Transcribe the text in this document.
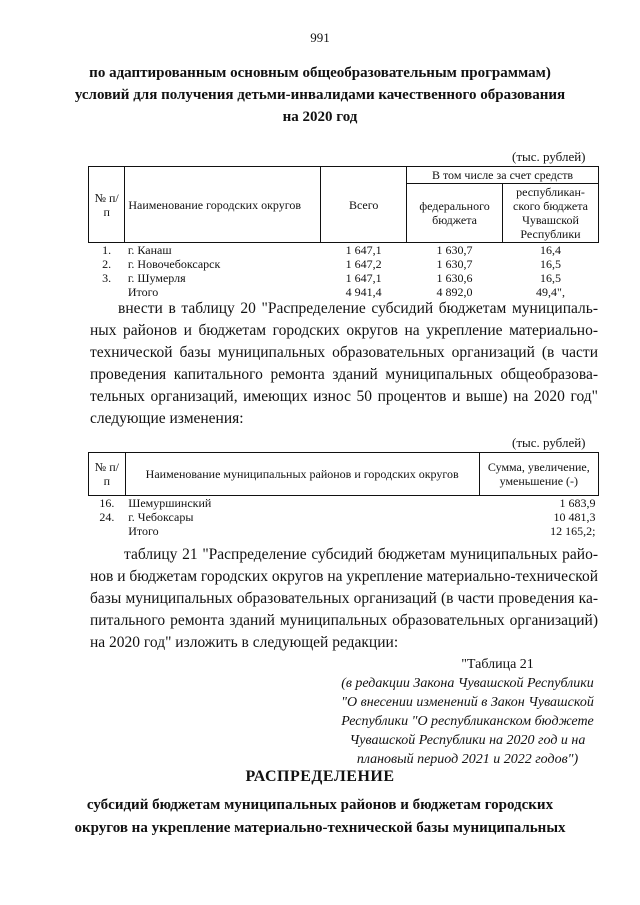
991
по адаптированным основным общеобразовательным программам)
условий для получения детьми-инвалидами качественного образования
на 2020 год
(тыс. рублей)
№ п/п	Наименование городских округов	Всего	В том числе за счет средств	
			федерального бюджета	республикан-ского бюджета Чувашской Республики
1.	г. Канаш	1 647,1	1 630,7	16,4
2.	г. Новочебоксарск	1 647,2	1 630,7	16,5
3.	г. Шумерля	1 647,1	1 630,6	16,5
	Итого	4 941,4	4 892,0	49,4",
внести в таблицу 20 "Распределение субсидий бюджетам муниципаль-
ных районов и бюджетам городских округов на укрепление материально-
технической базы муниципальных образовательных организаций (в части
проведения капитального ремонта зданий муниципальных общеобразова-
тельных организаций, имеющих износ 50 процентов и выше) на 2020 год"
следующие изменения:
(тыс. рублей)
№ п/п	Наименование муниципальных районов и городских округов	Сумма, увеличение, уменьшение (-)
16.	Шемуршинский	1 683,9
24.	г. Чебоксары	10 481,3
	Итого	12 165,2;
таблицу 21 "Распределение субсидий бюджетам муниципальных райо-
нов и бюджетам городских округов на укрепление материально-технической
базы муниципальных образовательных организаций (в части проведения ка-
питального ремонта зданий муниципальных образовательных организаций)
на 2020 год" изложить в следующей редакции:
"Таблица 21
(в редакции Закона Чувашской Республики
"О внесении изменений в Закон Чувашской
Республики "О республиканском бюджете
Чувашской Республики на 2020 год и на
плановый период 2021 и 2022 годов")
РАСПРЕДЕЛЕНИЕ
субсидий бюджетам муниципальных районов и бюджетам городских
округов на укрепление материально-технической базы муниципальных
